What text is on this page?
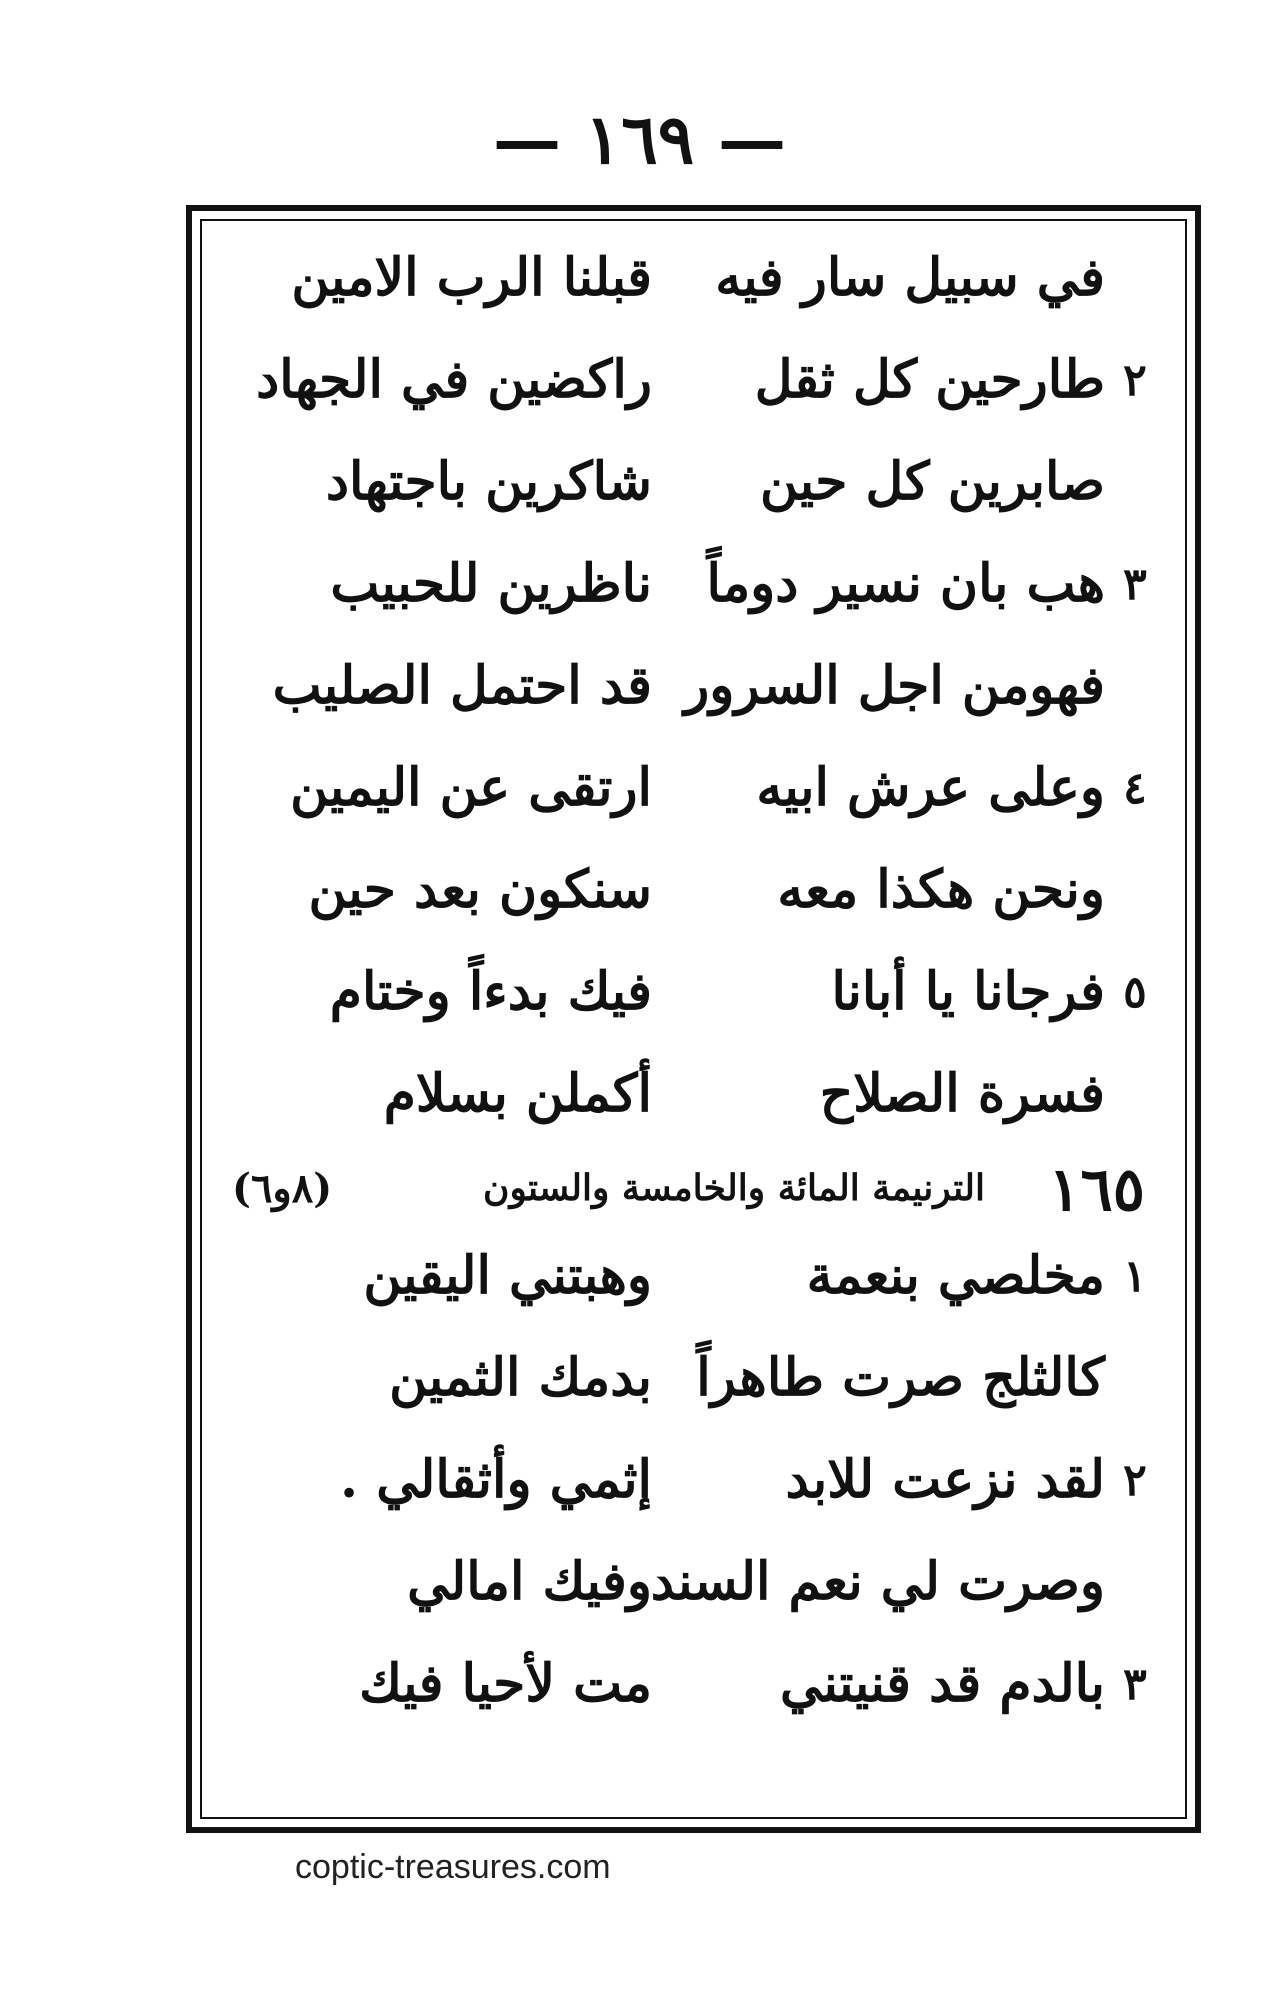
— ١٦٩ —
في سبيل سار فيه
قبلنا الرب الامين
٢
طارحين كل ثقل
راكضين في الجهاد
صابرين كل حين
شاكرين باجتهاد
٣
هب بان نسير دوماً
ناظرين للحبيب
فهومن اجل السرور
قد احتمل الصليب
٤
وعلى عرش ابيه
ارتقى عن اليمين
ونحن هكذا معه
سنكون بعد حين
٥
فرجانا يا أبانا
فيك بدءاً وختام
فسرة الصلاح
أكملن بسلام
١٦٥
الترنيمة المائة والخامسة والستون
(٨و٦)
١
مخلصي بنعمة
وهبتني اليقين
كالثلج صرت طاهراً
بدمك الثمين
٢
لقد نزعت للابد
إثمي وأثقالي .
وصرت لي نعم السند
وفيك امالي
٣
بالدم قد قنيتني
مت لأحيا فيك
coptic-treasures.com
